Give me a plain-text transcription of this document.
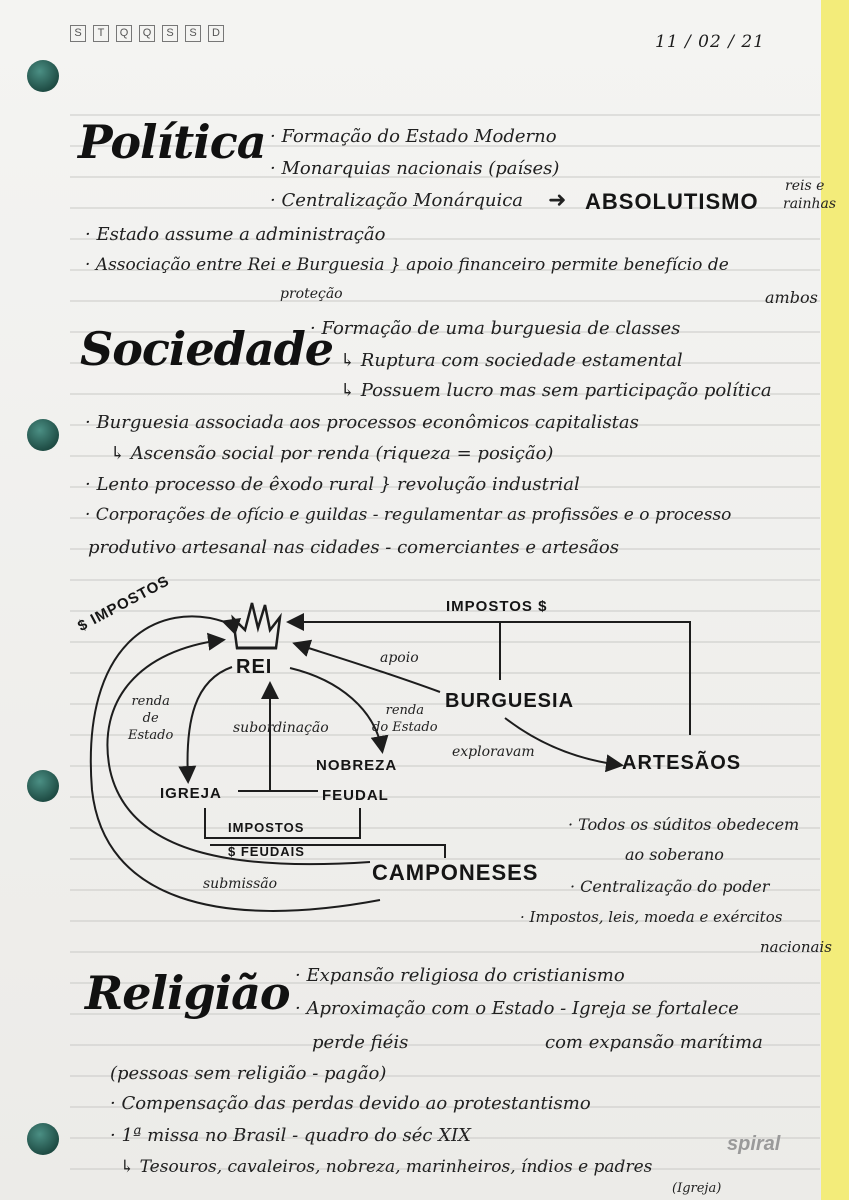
S	T	Q	Q	S	S	D	11 / 02 / 21
Política · Formação do Estado Moderno
· Monarquias nacionais (países)
· Centralização Monárquica ➜ ABSOLUTISMO
reis e
rainhas
· Estado assume a administração
· Associação entre Rei e Burguesia } apoio financeiro permite benefício de
proteção	ambos
Sociedade
· Formação de uma burguesia de classes
↳ Ruptura com sociedade estamental
↳ Possuem lucro mas sem participação política
· Burguesia associada aos processos econômicos capitalistas
↳ Ascensão social por renda (riqueza = posição)
· Lento processo de êxodo rural } revolução industrial
· Corporações de ofício e guildas - regulamentar as profissões e o processo
produtivo artesanal nas cidades - comerciantes e artesãos
$ IMPOSTOS	IMPOSTOS $
REI	apoio
BURGUESIA
renda
de
Estado	subordinação
renda
do Estado
exploravam	ARTESÃOS
NOBREZA
FEUDAL
IGREJA
IMPOSTOS
$ FEUDAIS
CAMPONESES
submissão
· Todos os súditos obedecem
ao soberano
· Centralização do poder
· Impostos, leis, moeda e exércitos
nacionais
Religião · Expansão religiosa do cristianismo
· Aproximação com o Estado - Igreja se fortalece
perde fiéis	com expansão marítima
(pessoas sem religião - pagão)
· Compensação das perdas devido ao protestantismo
· 1ª missa no Brasil - quadro do séc XIX
↳ Tesouros, cavaleiros, nobreza, marinheiros, índios e padres
(Igreja)
spiral
